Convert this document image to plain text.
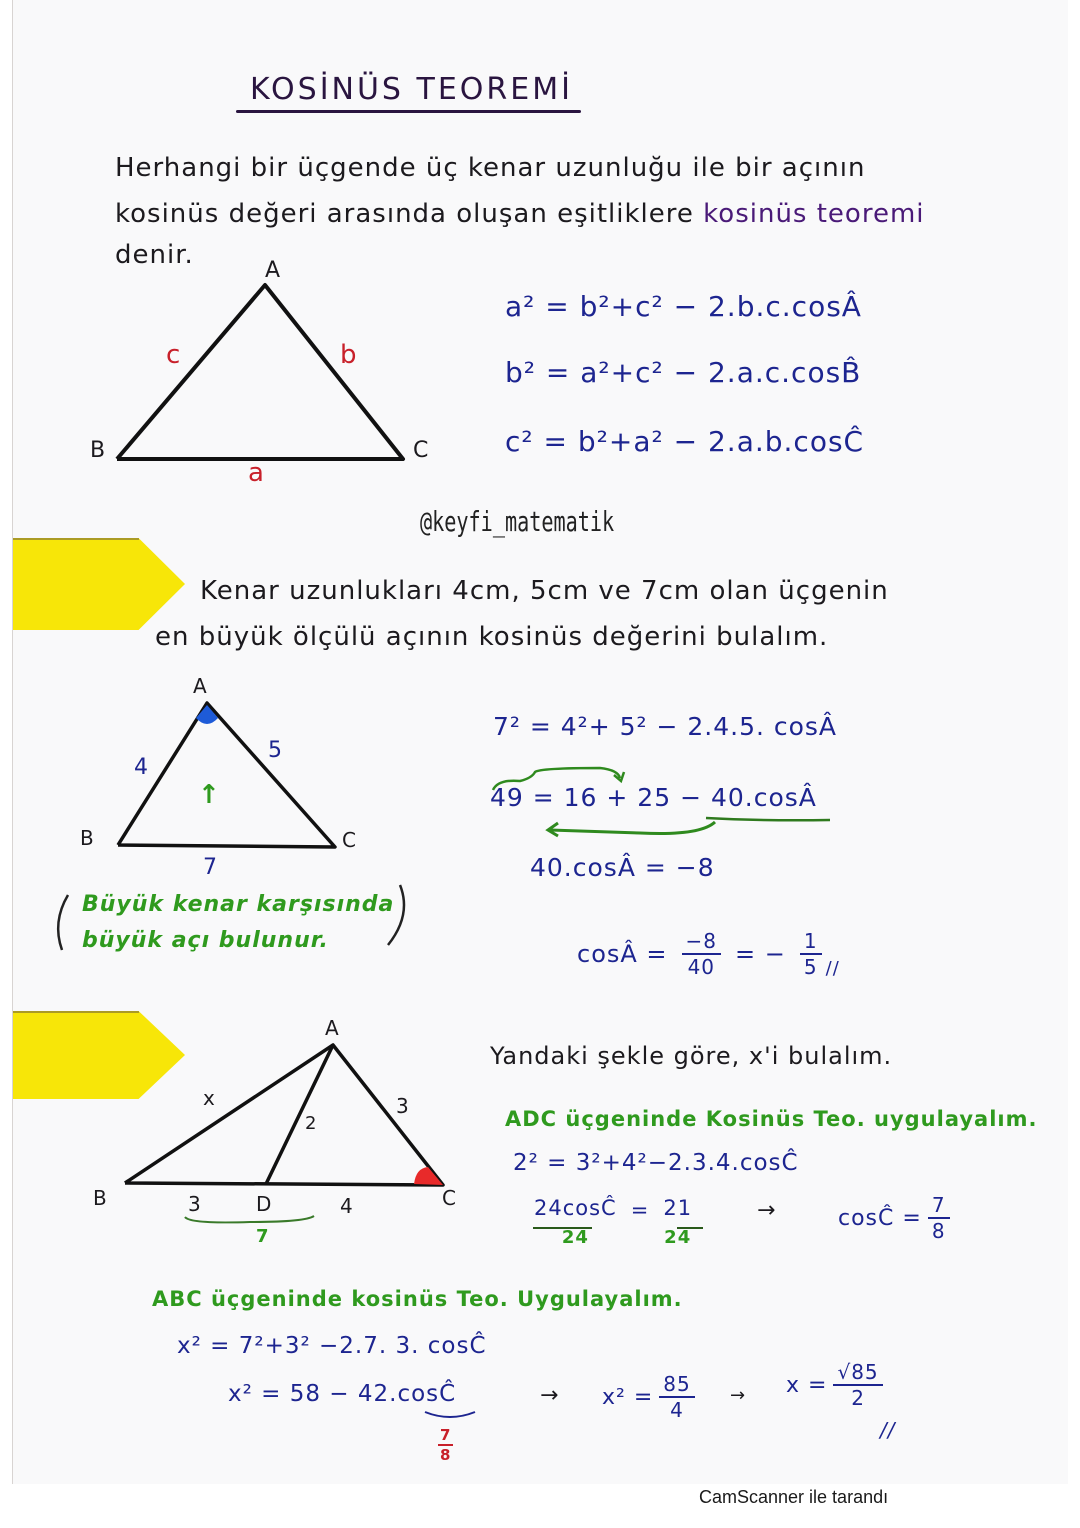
KOSİNÜS TEOREMİ
Herhangi bir üçgende üç kenar uzunluğu ile bir açının
kosinüs değeri arasında oluşan eşitliklere kosinüs teoremi
denir.
A
B	C
c	b
a
a² = b²+c² − 2.b.c.cosÂ
b² = a²+c² − 2.a.c.cosB̂
c² = b²+a² − 2.a.b.cosĈ
@keyfi_matematik
Kenar uzunlukları 4cm, 5cm ve 7cm olan üçgenin
en büyük ölçülü açının kosinüs değerini bulalım.
A
B	C
4
5
7
↑
Büyük kenar karşısında
büyük açı bulunur.
7² = 4²+ 5² − 2.4.5. cosÂ
49 = 16 + 25 − 40.cosÂ
40.cosÂ = −8
cosÂ = $\frac{-8}{40}$ = − $\frac{1}{5}$ //
A
B	C
D
x
2
3
3	4
7
Yandaki şekle göre, x'i bulalım.
ADC üçgeninde Kosinüs Teo. uygulayalım.
2² = 3²+4²−2.3.4.cosĈ
24cosĈ
24
= 21
24
→	cosĈ = $\frac{7}{8}$
ABC üçgeninde kosinüs Teo. Uygulayalım.
x² = 7²+3² −2.7. 3. cosĈ
x² = 58 − 42.cosĈ
$\frac{7}{8}$
→ $x^2 = \frac{85}{4} \to x = \frac{√85}{2}$
//
CamScanner ile tarandı
